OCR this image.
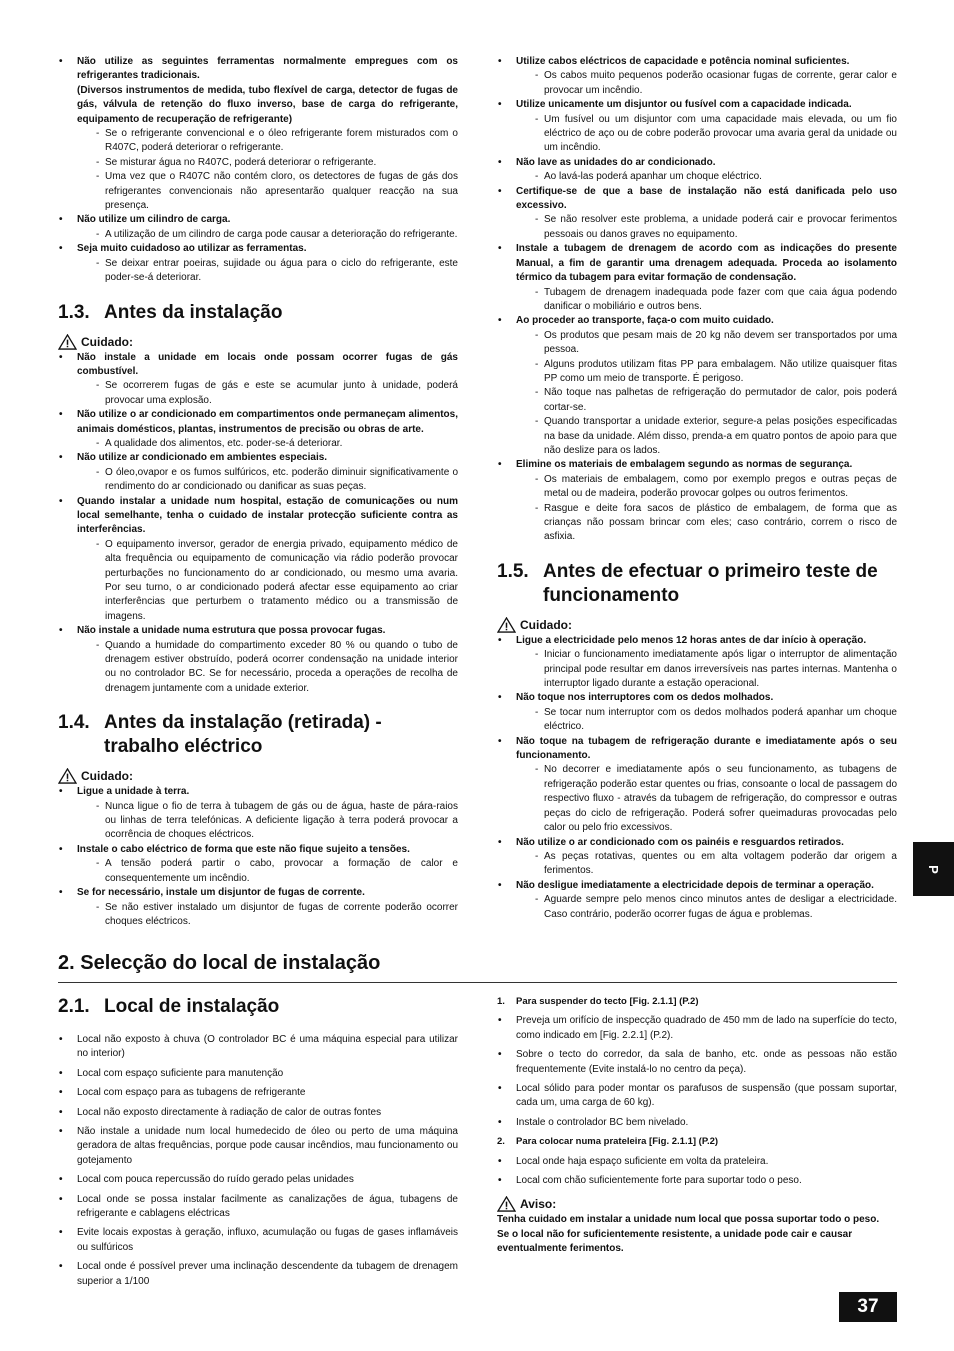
• Não utilize as seguintes ferramentas normalmente empregues com os refrigerantes tradicionais.
(Diversos instrumentos de medida, tubo flexível de carga, detector de fugas de gás, válvula de retenção do fluxo inverso, base de carga do refrigerante, equipamento de recuperação de refrigerante)
- Se o refrigerante convencional e o óleo refrigerante forem misturados com o R407C, poderá deteriorar o refrigerante.
- Se misturar água no R407C, poderá deteriorar o refrigerante.
- Uma vez que o R407C não contém cloro, os detectores de fugas de gás dos refrigerantes convencionais não apresentarão qualquer reacção na sua presença.
• Não utilize um cilindro de carga.
- A utilização de um cilindro de carga pode causar a deterioração do refrigerante.
• Seja muito cuidadoso ao utilizar as ferramentas.
- Se deixar entrar poeiras, sujidade ou água para o ciclo do refrigerante, este poder-se-á deteriorar.
1.3. Antes da instalação
Cuidado:
• Não instale a unidade em locais onde possam ocorrer fugas de gás combustível.
- Se ocorrerem fugas de gás e este se acumular junto à unidade, poderá provocar uma explosão.
• Não utilize o ar condicionado em compartimentos onde permaneçam alimentos, animais domésticos, plantas, instrumentos de precisão ou obras de arte.
- A qualidade dos alimentos, etc. poder-se-á deteriorar.
• Não utilize ar condicionado em ambientes especiais.
- O óleo,ovapor e os fumos sulfúricos, etc. poderão diminuir significativamente o rendimento do ar condicionado ou danificar as suas peças.
• Quando instalar a unidade num hospital, estação de comunicações ou num local semelhante, tenha o cuidado de instalar protecção suficiente contra as interferências.
- O equipamento inversor, gerador de energia privado, equipamento médico de alta frequência ou equipamento de comunicação via rádio poderão provocar perturbações no funcionamento do ar condicionado, ou mesmo uma avaria. Por seu turno, o ar condicionado poderá afectar esse equipamento ao criar interferências que perturbem o tratamento médico ou a transmissão de imagens.
• Não instale a unidade numa estrutura que possa provocar fugas.
- Quando a humidade do compartimento exceder 80 % ou quando o tubo de drenagem estiver obstruído, poderá ocorrer condensação na unidade interior ou no controlador BC. Se for necessário, proceda a operações de recolha de drenagem juntamente com a unidade exterior.
1.4. Antes da instalação (retirada) - trabalho eléctrico
Cuidado:
• Ligue a unidade à terra.
- Nunca ligue o fio de terra à tubagem de gás ou de água, haste de pára-raios ou linhas de terra telefónicas. A deficiente ligação à terra poderá provocar a ocorrência de choques eléctricos.
• Instale o cabo eléctrico de forma que este não fique sujeito a tensões.
- A tensão poderá partir o cabo, provocar a formação de calor e consequentemente um incêndio.
• Se for necessário, instale um disjuntor de fugas de corrente.
- Se não estiver instalado um disjuntor de fugas de corrente poderão ocorrer choques eléctricos.
• Utilize cabos eléctricos de capacidade e potência nominal suficientes.
- Os cabos muito pequenos poderão ocasionar fugas de corrente, gerar calor e provocar um incêndio.
• Utilize unicamente um disjuntor ou fusível com a capacidade indicada.
- Um fusível ou um disjuntor com uma capacidade mais elevada, ou um fio eléctrico de aço ou de cobre poderão provocar uma avaria geral da unidade ou um incêndio.
• Não lave as unidades do ar condicionado.
- Ao lavá-las poderá apanhar um choque eléctrico.
• Certifique-se de que a base de instalação não está danificada pelo uso excessivo.
- Se não resolver este problema, a unidade poderá cair e provocar ferimentos pessoais ou danos graves no equipamento.
• Instale a tubagem de drenagem de acordo com as indicações do presente Manual, a fim de garantir uma drenagem adequada. Proceda ao isolamento térmico da tubagem para evitar formação de condensação.
- Tubagem de drenagem inadequada pode fazer com que caia água podendo danificar o mobiliário e outros bens.
• Ao proceder ao transporte, faça-o com muito cuidado.
- Os produtos que pesam mais de 20 kg não devem ser transportados por uma pessoa.
- Alguns produtos utilizam fitas PP para embalagem. Não utilize quaisquer fitas PP como um meio de transporte. É perigoso.
- Não toque nas palhetas de refrigeração do permutador de calor, pois poderá cortar-se.
- Quando transportar a unidade exterior, segure-a pelas posições especificadas na base da unidade. Além disso, prenda-a em quatro pontos de apoio para que não deslize para os lados.
• Elimine os materiais de embalagem segundo as normas de segurança.
- Os materiais de embalagem, como por exemplo pregos e outras peças de metal ou de madeira, poderão provocar golpes ou outros ferimentos.
- Rasgue e deite fora sacos de plástico de embalagem, de forma que as crianças não possam brincar com eles; caso contrário, correm o risco de asfixia.
1.5. Antes de efectuar o primeiro teste de funcionamento
Cuidado:
• Ligue a electricidade pelo menos 12 horas antes de dar início à operação.
- Iniciar o funcionamento imediatamente após ligar o interruptor de alimentação principal pode resultar em danos irreversíveis nas partes internas. Mantenha o interruptor ligado durante a estação operacional.
• Não toque nos interruptores com os dedos molhados.
- Se tocar num interruptor com os dedos molhados poderá apanhar um choque eléctrico.
• Não toque na tubagem de refrigeração durante e imediatamente após o seu funcionamento.
- No decorrer e imediatamente após o seu funcionamento, as tubagens de refrigeração poderão estar quentes ou frias, consoante o local de passagem do respectivo fluxo - através da tubagem de refrigeração, do compressor e outras peças do ciclo de refrigeração. Poderá sofrer queimaduras provocadas pelo calor ou pelo frio excessivos.
• Não utilize o ar condicionado com os painéis e resguardos retirados.
- As peças rotativas, quentes ou em alta voltagem poderão dar origem a ferimentos.
• Não desligue imediatamente a electricidade depois de terminar a operação.
- Aguarde sempre pelo menos cinco minutos antes de desligar a electricidade. Caso contrário, poderão ocorrer fugas de água e problemas.
P
2. Selecção do local de instalação
2.1. Local de instalação
• Local não exposto à chuva (O controlador BC é uma máquina especial para utilizar no interior)
• Local com espaço suficiente para manutenção
• Local com espaço para as tubagens de refrigerante
• Local não exposto directamente à radiação de calor de outras fontes
• Não instale a unidade num local humedecido de óleo ou perto de uma máquina geradora de altas frequências, porque pode causar incêndios, mau funcionamento ou gotejamento
• Local com pouca repercussão do ruído gerado pelas unidades
• Local onde se possa instalar facilmente as canalizações de água, tubagens de refrigerante e cablagens eléctricas
• Evite locais expostas à geração, influxo, acumulação ou fugas de gases inflamáveis ou sulfúricos
• Local onde é possível prever uma inclinação descendente da tubagem de drenagem superior a 1/100
1. Para suspender do tecto [Fig. 2.1.1] (P.2)
• Preveja um orifício de inspecção quadrado de 450 mm de lado na superfície do tecto, como indicado em [Fig. 2.2.1] (P.2).
• Sobre o tecto do corredor, da sala de banho, etc. onde as pessoas não estão frequentemente (Evite instalá-lo no centro da peça).
• Local sólido para poder montar os parafusos de suspensão (que possam suportar, cada um, uma carga de 60 kg).
• Instale o controlador BC bem nivelado.
2. Para colocar numa prateleira [Fig. 2.1.1] (P.2)
• Local onde haja espaço suficiente em volta da prateleira.
• Local com chão suficientemente forte para suportar todo o peso.
Aviso:
Tenha cuidado em instalar a unidade num local que possa suportar todo o peso.
Se o local não for suficientemente resistente, a unidade pode cair e causar eventualmente ferimentos.
37
